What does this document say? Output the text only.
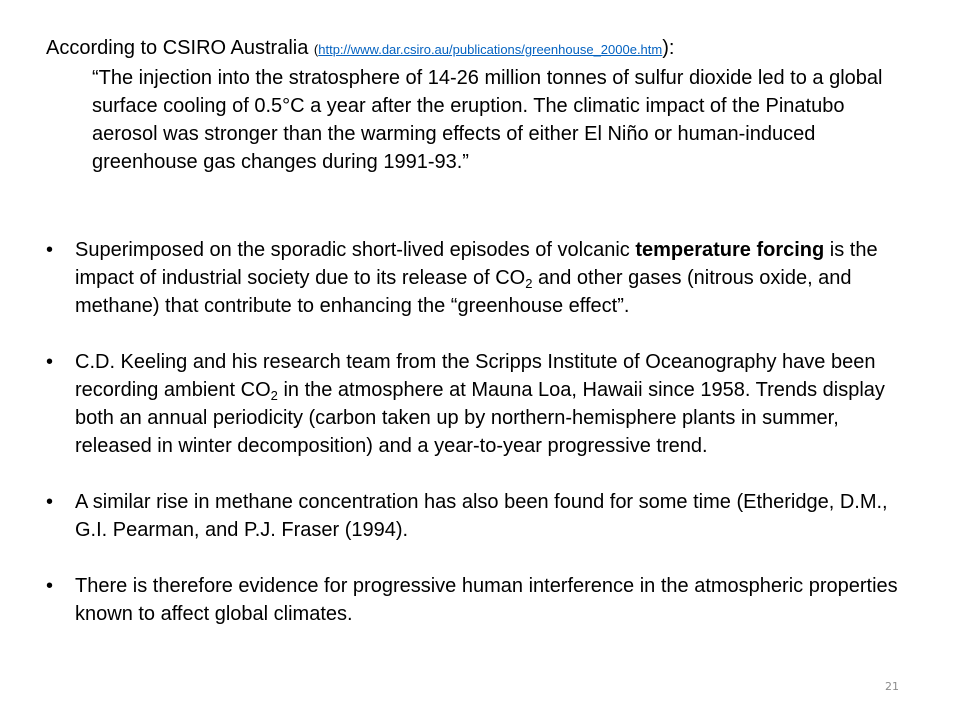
According to CSIRO Australia (http://www.dar.csiro.au/publications/greenhouse_2000e.htm):

“The injection into the stratosphere of 14-26 million tonnes of sulfur dioxide led to a global surface cooling of 0.5°C a year after the eruption. The climatic impact of the Pinatubo aerosol was stronger than the warming effects of either El Niño or human-induced greenhouse gas changes during 1991-93.”

• Superimposed on the sporadic short-lived episodes of volcanic temperature forcing is the impact of industrial society due to its release of $CO_2$ and other gases (nitrous oxide, and methane) that contribute to enhancing the “greenhouse effect”.
• C.D. Keeling and his research team from the Scripps Institute of Oceanography have been recording ambient $CO_2$ in the atmosphere at Mauna Loa, Hawaii since 1958. Trends display both an annual periodicity (carbon taken up by northern-hemisphere plants in summer, released in winter decomposition) and a year-to-year progressive trend.
• A similar rise in methane concentration has also been found for some time (Etheridge, D.M., G.I. Pearman, and P.J. Fraser (1994).
• There is therefore evidence for progressive human interference in the atmospheric properties known to affect global climates.
21
